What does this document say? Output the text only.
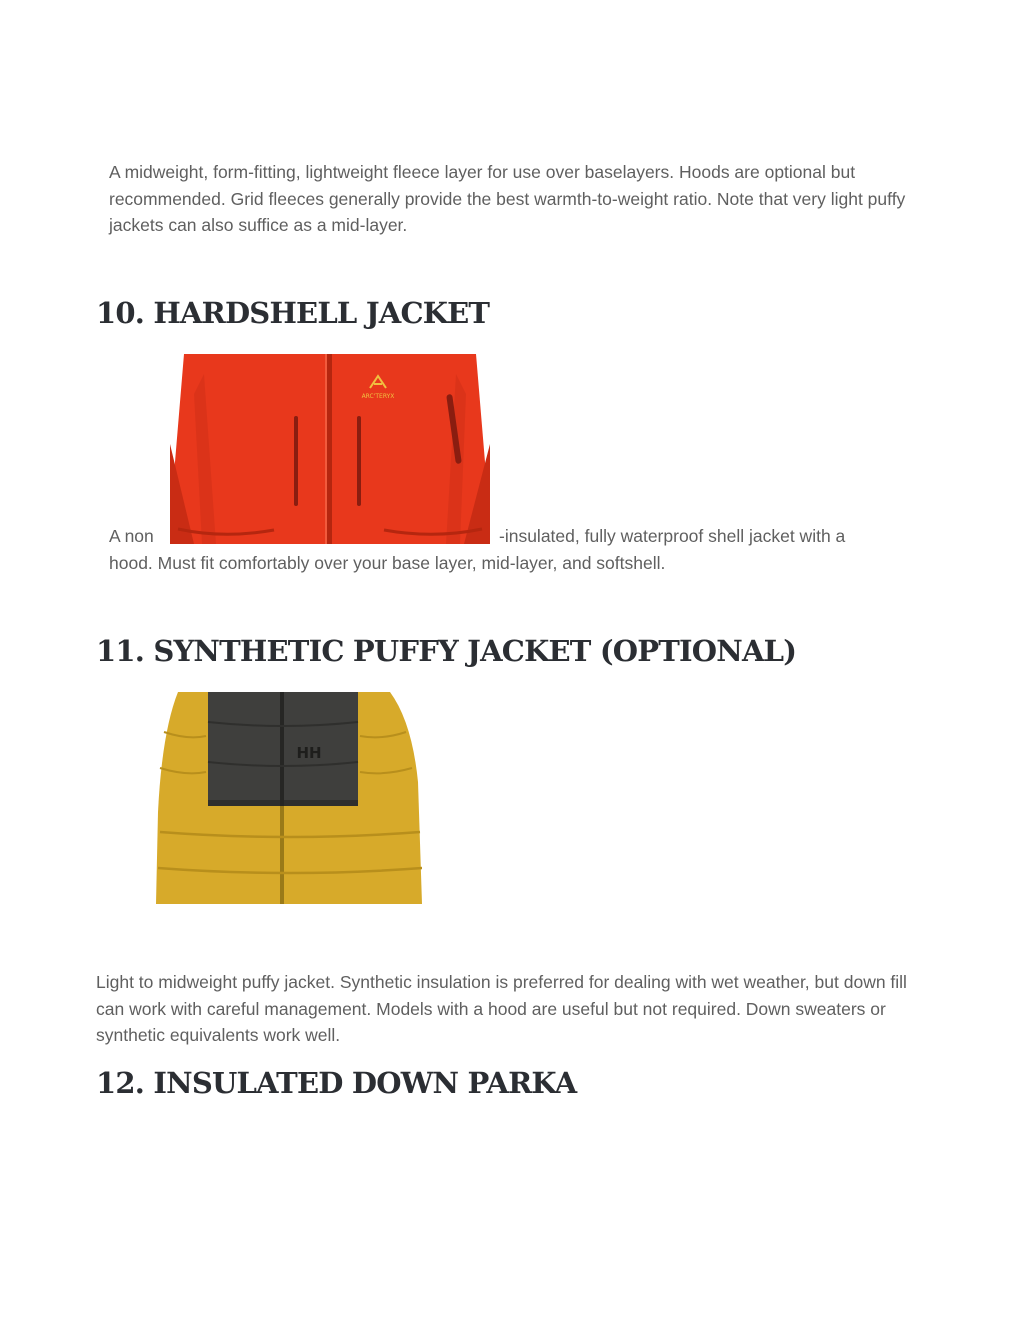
A midweight, form-fitting, lightweight fleece layer for use over baselayers. Hoods are optional but recommended. Grid fleeces generally provide the best warmth-to-weight ratio. Note that very light puffy jackets can also suffice as a mid-layer.

10. HARDSHELL JACKET
ARC'TERYX

A non	-insulated, fully waterproof shell jacket with a

hood. Must fit comfortably over your base layer, mid-layer, and softshell.

11. SYNTHETIC PUFFY JACKET (OPTIONAL)
HH

Light to midweight puffy jacket. Synthetic insulation is preferred for dealing with wet weather, but down fill can work with careful management. Models with a hood are useful but not required. Down sweaters or synthetic equivalents work well.

12. INSULATED DOWN PARKA
